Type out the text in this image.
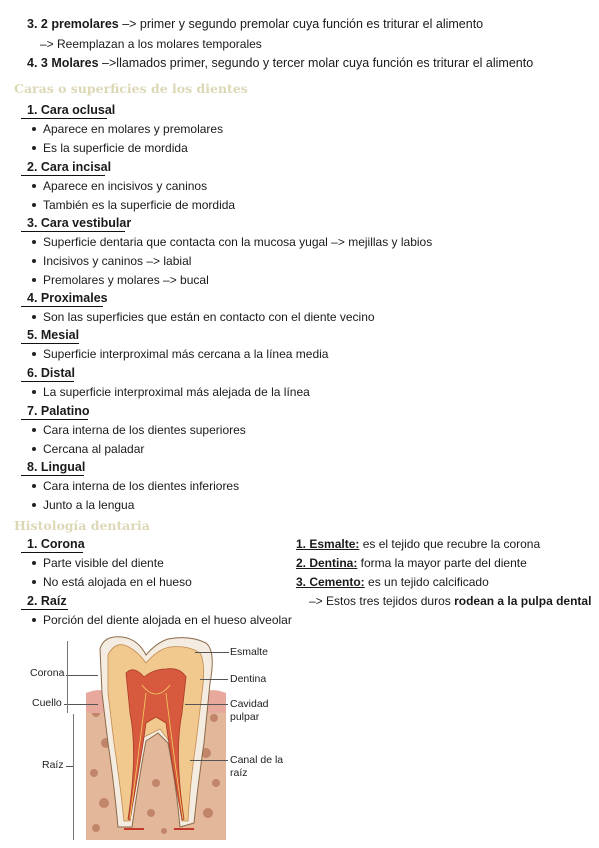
3. 2 premolares –> primer y segundo premolar cuya función es triturar el alimento
–> Reemplazan a los molares temporales
4. 3 Molares –>llamados primer, segundo y tercer molar cuya función es triturar el alimento
Caras o superficies de los dientes
1. Cara oclusal
Aparece en molares y premolares
Es la superficie de mordida
2. Cara incisal
Aparece en incisivos y caninos
También es la superficie de mordida
3. Cara vestibular
Superficie dentaria que contacta con la mucosa yugal –> mejillas y labios
Incisivos y caninos –> labial
Premolares y molares –> bucal
4. Proximales
Son las superficies que están en contacto con el diente vecino
5. Mesial
Superficie interproximal más cercana a la línea media
6. Distal
La superficie interproximal más alejada de la línea
7. Palatino
Cara interna de los dientes superiores
Cercana al paladar
8. Lingual
Cara interna de los dientes inferiores
Junto a la lengua
Histología dentaria
1. Corona
Parte visible del diente
No está alojada en el hueso
2. Raíz
Porción del diente alojada en el hueso alveolar
1. Esmalte: es el tejido que recubre la corona
2. Dentina: forma la mayor parte del diente
3. Cemento: es un tejido calcificado
–> Estos tres tejidos duros rodean a la pulpa dental
Corona
Cuello
Raíz
Esmalte
Dentina
Cavidad pulpar
Canal de la raíz
